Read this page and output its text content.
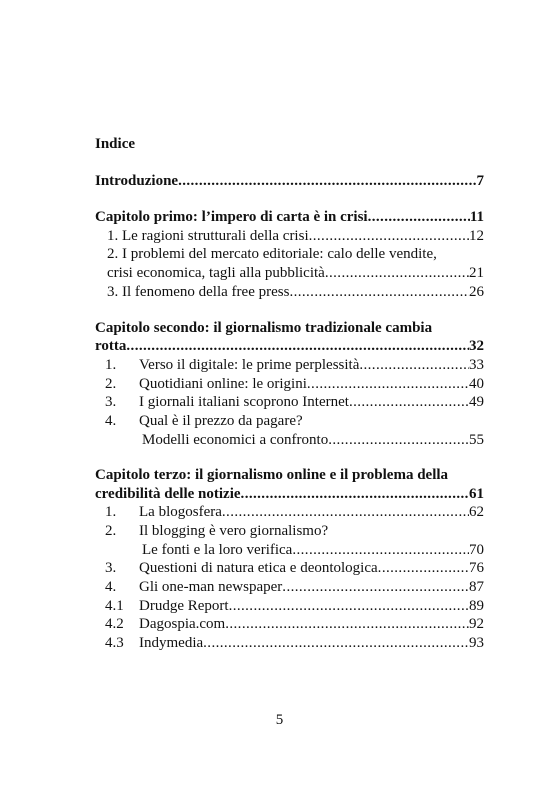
Indice
Introduzione .....	7
Capitolo primo: l’impero di carta è in crisi .....	11
1. Le ragioni strutturali della crisi .....	12
2. I problemi del mercato editoriale: calo delle vendite,
crisi economica, tagli alla pubblicità .....	21
3. Il fenomeno della free press .....	26
Capitolo secondo: il giornalismo tradizionale cambia
rotta .....	32
1.	Verso il digitale: le prime perplessità .....	33
2.	Quotidiani online: le origini .....	40
3.	I giornali italiani scoprono Internet .....	49
4.	Qual è il prezzo da pagare?
Modelli economici a confronto .....	55
Capitolo terzo: il giornalismo online e il problema della
credibilità delle notizie .....	61
1.	La blogosfera .....	62
2.	Il blogging è vero giornalismo?
Le fonti e la loro verifica .....	70
3.	Questioni di natura etica e deontologica .....	76
4.	Gli one-man newspaper .....	87
4.1	Drudge Report .....	89
4.2	Dagospia.com .....	92
4.3	Indymedia .....	93
5
